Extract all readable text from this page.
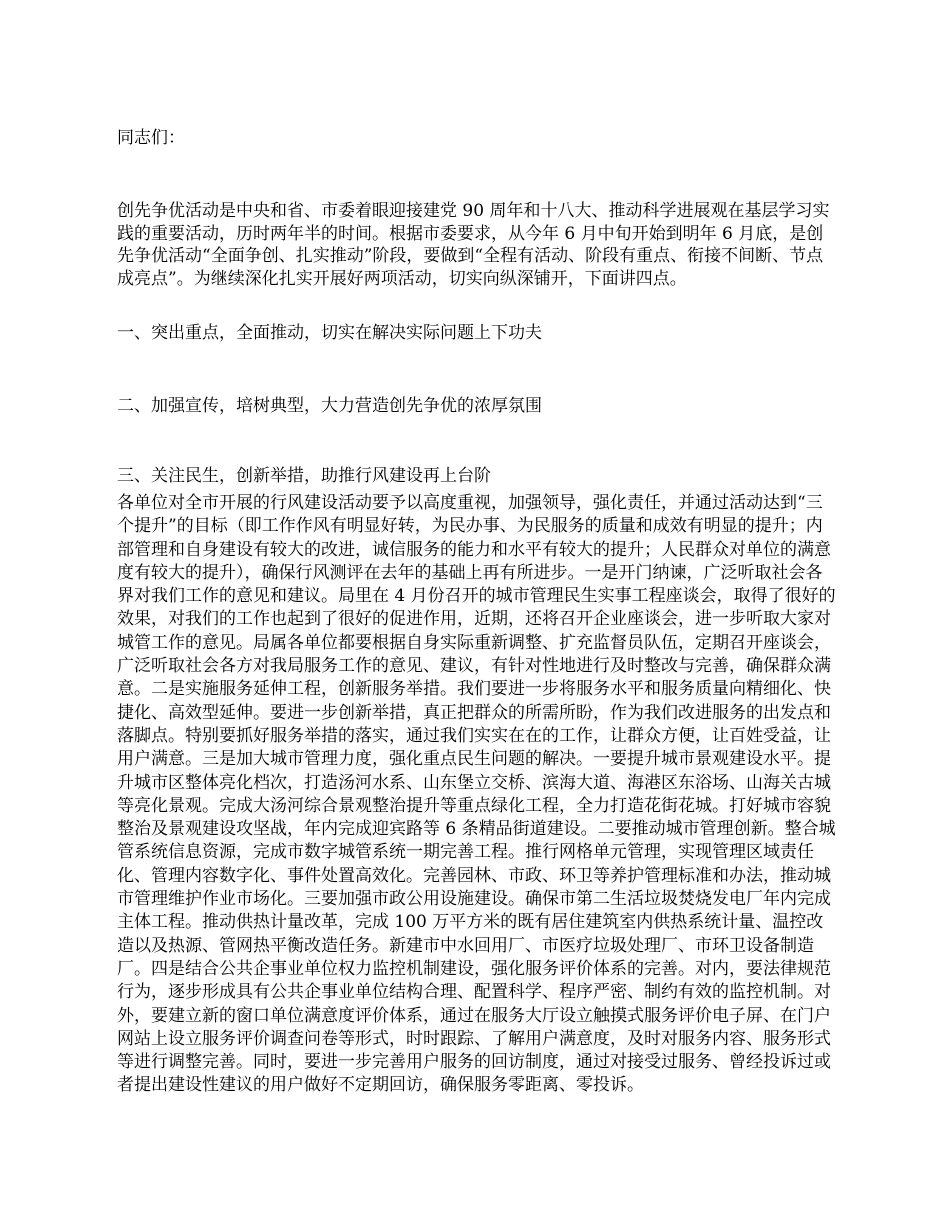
同志们：

创先争优活动是中央和省、市委着眼迎接建党 90 周年和十八大、推动科学进展观在基层学习实践的重要活动，历时两年半的时间。根据市委要求，从今年 6 月中旬开始到明年 6 月底，是创先争优活动“全面争创、扎实推动”阶段，要做到“全程有活动、阶段有重点、衔接不间断、节点成亮点”。为继续深化扎实开展好两项活动，切实向纵深铺开，下面讲四点。

一、突出重点，全面推动，切实在解决实际问题上下功夫

二、加强宣传，培树典型，大力营造创先争优的浓厚氛围

三、关注民生，创新举措，助推行风建设再上台阶

各单位对全市开展的行风建设活动要予以高度重视，加强领导，强化责任，并通过活动达到“三个提升”的目标（即工作作风有明显好转，为民办事、为民服务的质量和成效有明显的提升；内部管理和自身建设有较大的改进，诚信服务的能力和水平有较大的提升；人民群众对单位的满意度有较大的提升），确保行风测评在去年的基础上再有所进步。一是开门纳谏，广泛听取社会各界对我们工作的意见和建议。局里在 4 月份召开的城市管理民生实事工程座谈会，取得了很好的效果，对我们的工作也起到了很好的促进作用，近期，还将召开企业座谈会，进一步听取大家对城管工作的意见。局属各单位都要根据自身实际重新调整、扩充监督员队伍，定期召开座谈会，广泛听取社会各方对我局服务工作的意见、建议，有针对性地进行及时整改与完善，确保群众满意。二是实施服务延伸工程，创新服务举措。我们要进一步将服务水平和服务质量向精细化、快捷化、高效型延伸。要进一步创新举措，真正把群众的所需所盼，作为我们改进服务的出发点和落脚点。特别要抓好服务举措的落实，通过我们实实在在的工作，让群众方便，让百姓受益，让用户满意。三是加大城市管理力度，强化重点民生问题的解决。一要提升城市景观建设水平。提升城市区整体亮化档次，打造汤河水系、山东堡立交桥、滨海大道、海港区东浴场、山海关古城等亮化景观。完成大汤河综合景观整治提升等重点绿化工程，全力打造花街花城。打好城市容貌整治及景观建设攻坚战，年内完成迎宾路等 6 条精品街道建设。二要推动城市管理创新。整合城管系统信息资源，完成市数字城管系统一期完善工程。推行网格单元管理，实现管理区域责任化、管理内容数字化、事件处置高效化。完善园林、市政、环卫等养护管理标准和办法，推动城市管理维护作业市场化。三要加强市政公用设施建设。确保市第二生活垃圾焚烧发电厂年内完成主体工程。推动供热计量改革，完成 100 万平方米的既有居住建筑室内供热系统计量、温控改造以及热源、管网热平衡改造任务。新建市中水回用厂、市医疗垃圾处理厂、市环卫设备制造厂。四是结合公共企事业单位权力监控机制建设，强化服务评价体系的完善。对内，要法律规范行为，逐步形成具有公共企事业单位结构合理、配置科学、程序严密、制约有效的监控机制。对外，要建立新的窗口单位满意度评价体系，通过在服务大厅设立触摸式服务评价电子屏、在门户网站上设立服务评价调查问卷等形式，时时跟踪、了解用户满意度，及时对服务内容、服务形式等进行调整完善。同时，要进一步完善用户服务的回访制度，通过对接受过服务、曾经投诉过或者提出建设性建议的用户做好不定期回访，确保服务零距离、零投诉。
